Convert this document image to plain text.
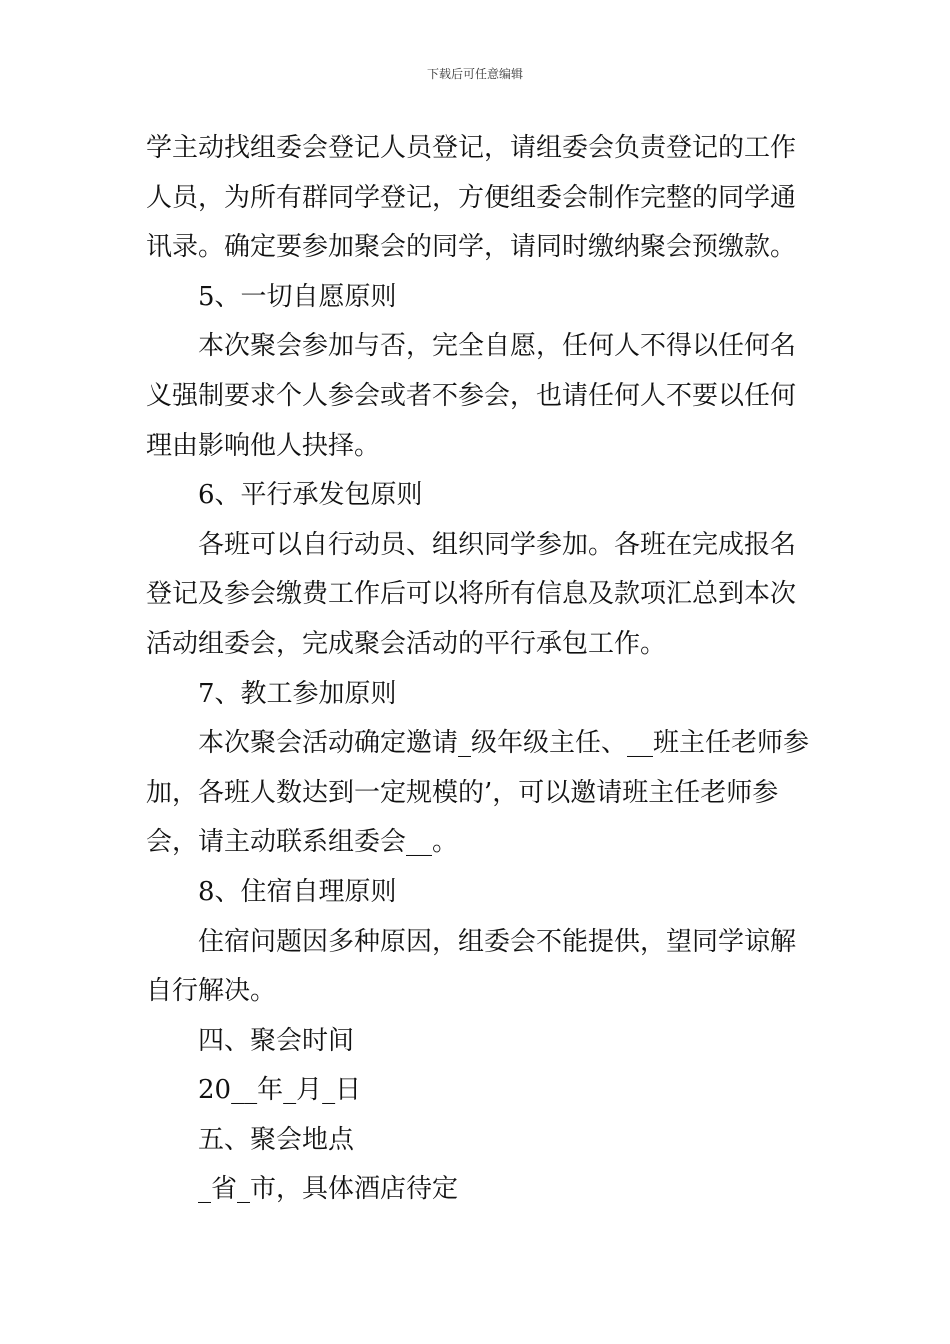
下载后可任意编辑
学主动找组委会登记人员登记，请组委会负责登记的工作
人员，为所有群同学登记，方便组委会制作完整的同学通
讯录。确定要参加聚会的同学，请同时缴纳聚会预缴款。
5、一切自愿原则
本次聚会参加与否，完全自愿，任何人不得以任何名
义强制要求个人参会或者不参会，也请任何人不要以任何
理由影响他人抉择。
6、平行承发包原则
各班可以自行动员、组织同学参加。各班在完成报名
登记及参会缴费工作后可以将所有信息及款项汇总到本次
活动组委会，完成聚会活动的平行承包工作。
7、教工参加原则
本次聚会活动确定邀请_级年级主任、__班主任老师参
加，各班人数达到一定规模的’，可以邀请班主任老师参
会，请主动联系组委会__。
8、住宿自理原则
住宿问题因多种原因，组委会不能提供，望同学谅解
自行解决。
四、聚会时间
20__年_月_日
五、聚会地点
_省_市，具体酒店待定
